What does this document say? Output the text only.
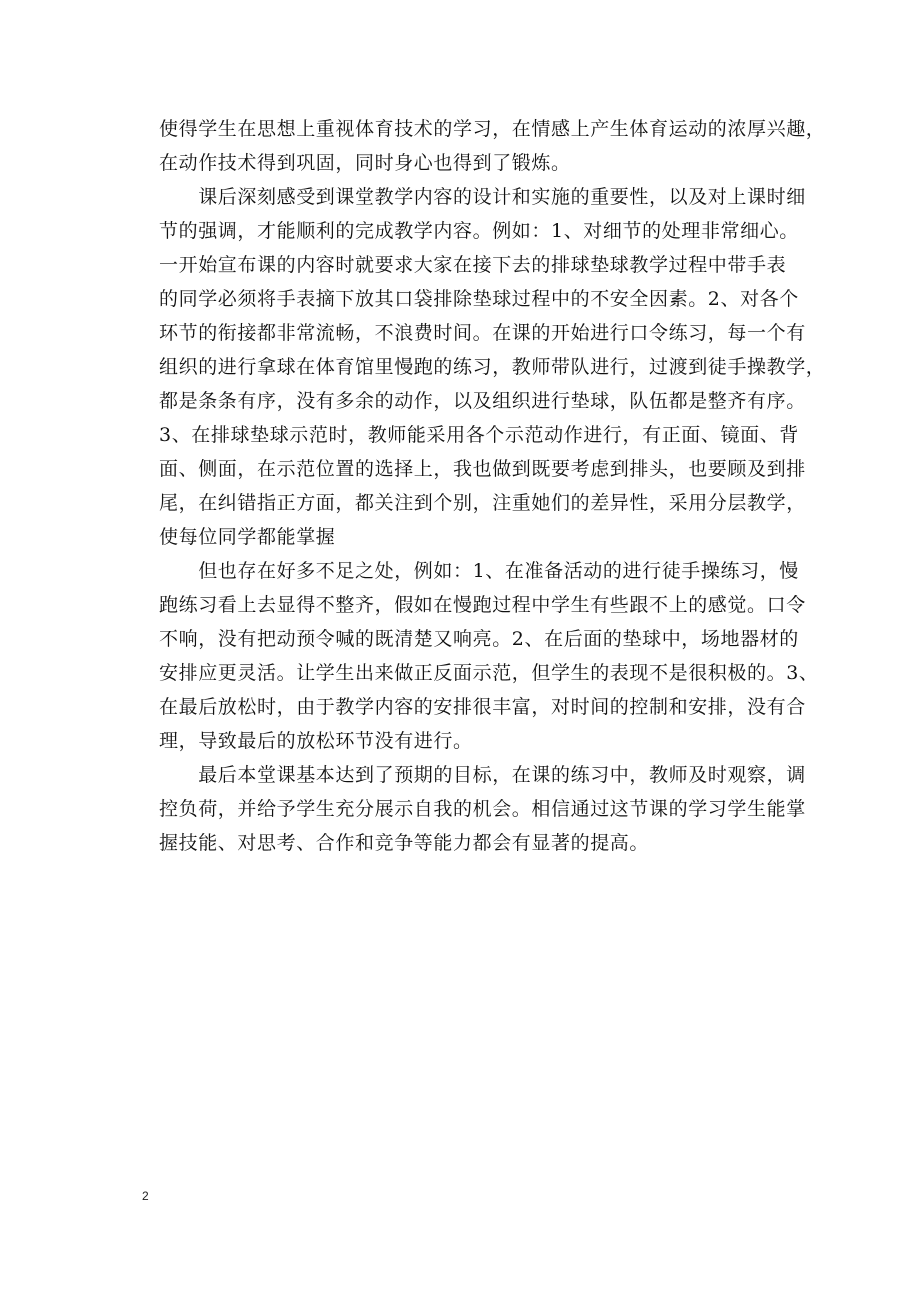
使得学生在思想上重视体育技术的学习，在情感上产生体育运动的浓厚兴趣，
在动作技术得到巩固，同时身心也得到了锻炼。

　　课后深刻感受到课堂教学内容的设计和实施的重要性，以及对上课时细
节的强调，才能顺利的完成教学内容。例如：1、对细节的处理非常细心。
一开始宣布课的内容时就要求大家在接下去的排球垫球教学过程中带手表
的同学必须将手表摘下放其口袋排除垫球过程中的不安全因素。2、对各个
环节的衔接都非常流畅，不浪费时间。在课的开始进行口令练习，每一个有
组织的进行拿球在体育馆里慢跑的练习，教师带队进行，过渡到徒手操教学，
都是条条有序，没有多余的动作，以及组织进行垫球，队伍都是整齐有序。
3、在排球垫球示范时，教师能采用各个示范动作进行，有正面、镜面、背
面、侧面，在示范位置的选择上，我也做到既要考虑到排头，也要顾及到排
尾，在纠错指正方面，都关注到个别，注重她们的差异性，采用分层教学，
使每位同学都能掌握

　　但也存在好多不足之处，例如：1、在准备活动的进行徒手操练习，慢
跑练习看上去显得不整齐，假如在慢跑过程中学生有些跟不上的感觉。口令
不响，没有把动预令喊的既清楚又响亮。2、在后面的垫球中，场地器材的
安排应更灵活。让学生出来做正反面示范，但学生的表现不是很积极的。3、
在最后放松时，由于教学内容的安排很丰富，对时间的控制和安排，没有合
理，导致最后的放松环节没有进行。

　　最后本堂课基本达到了预期的目标，在课的练习中，教师及时观察，调
控负荷，并给予学生充分展示自我的机会。相信通过这节课的学习学生能掌
握技能、对思考、合作和竞争等能力都会有显著的提高。

2
